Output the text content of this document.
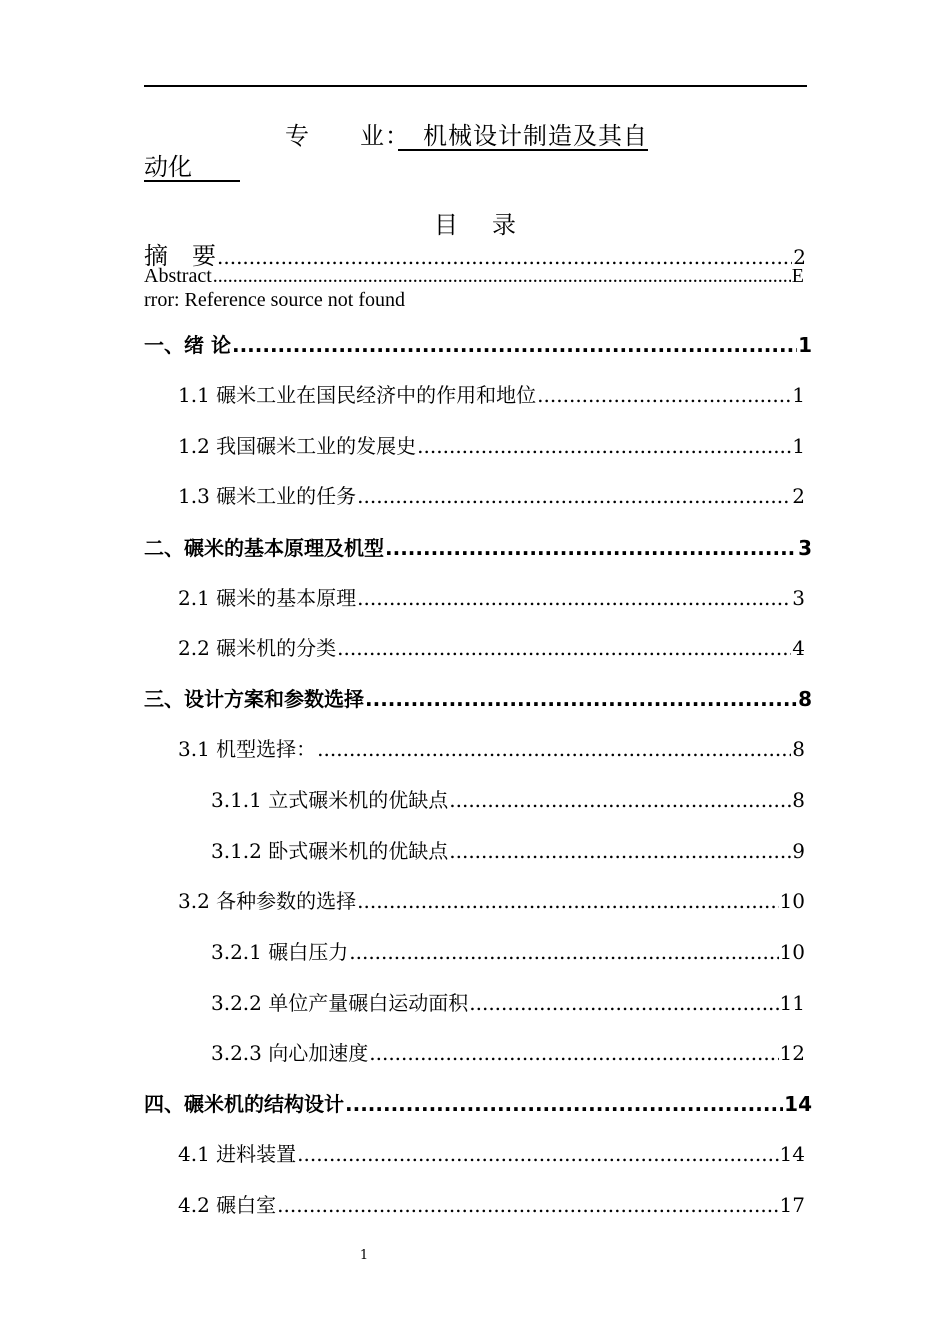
专　　业：　机械设计制造及其自
动化　　
目录
摘　要 .....	2
Abstract .....	E
rror: Reference source not found
一、绪 论 .....	1
1.1 碾米工业在国民经济中的作用和地位 .....	1
1.2 我国碾米工业的发展史 .....	1
1.3 碾米工业的任务 .....	2
二、碾米的基本原理及机型 .....	3
2.1 碾米的基本原理 .....	3
2.2 碾米机的分类 .....	4
三、设计方案和参数选择 .....	8
3.1 机型选择： .....	8
3.1.1 立式碾米机的优缺点 .....	8
3.1.2 卧式碾米机的优缺点 .....	9
3.2 各种参数的选择 .....	10
3.2.1 碾白压力 .....	10
3.2.2 单位产量碾白运动面积 .....	11
3.2.3 向心加速度 .....	12
四、碾米机的结构设计 .....	14
4.1 进料装置 .....	14
4.2 碾白室 .....	17
1
